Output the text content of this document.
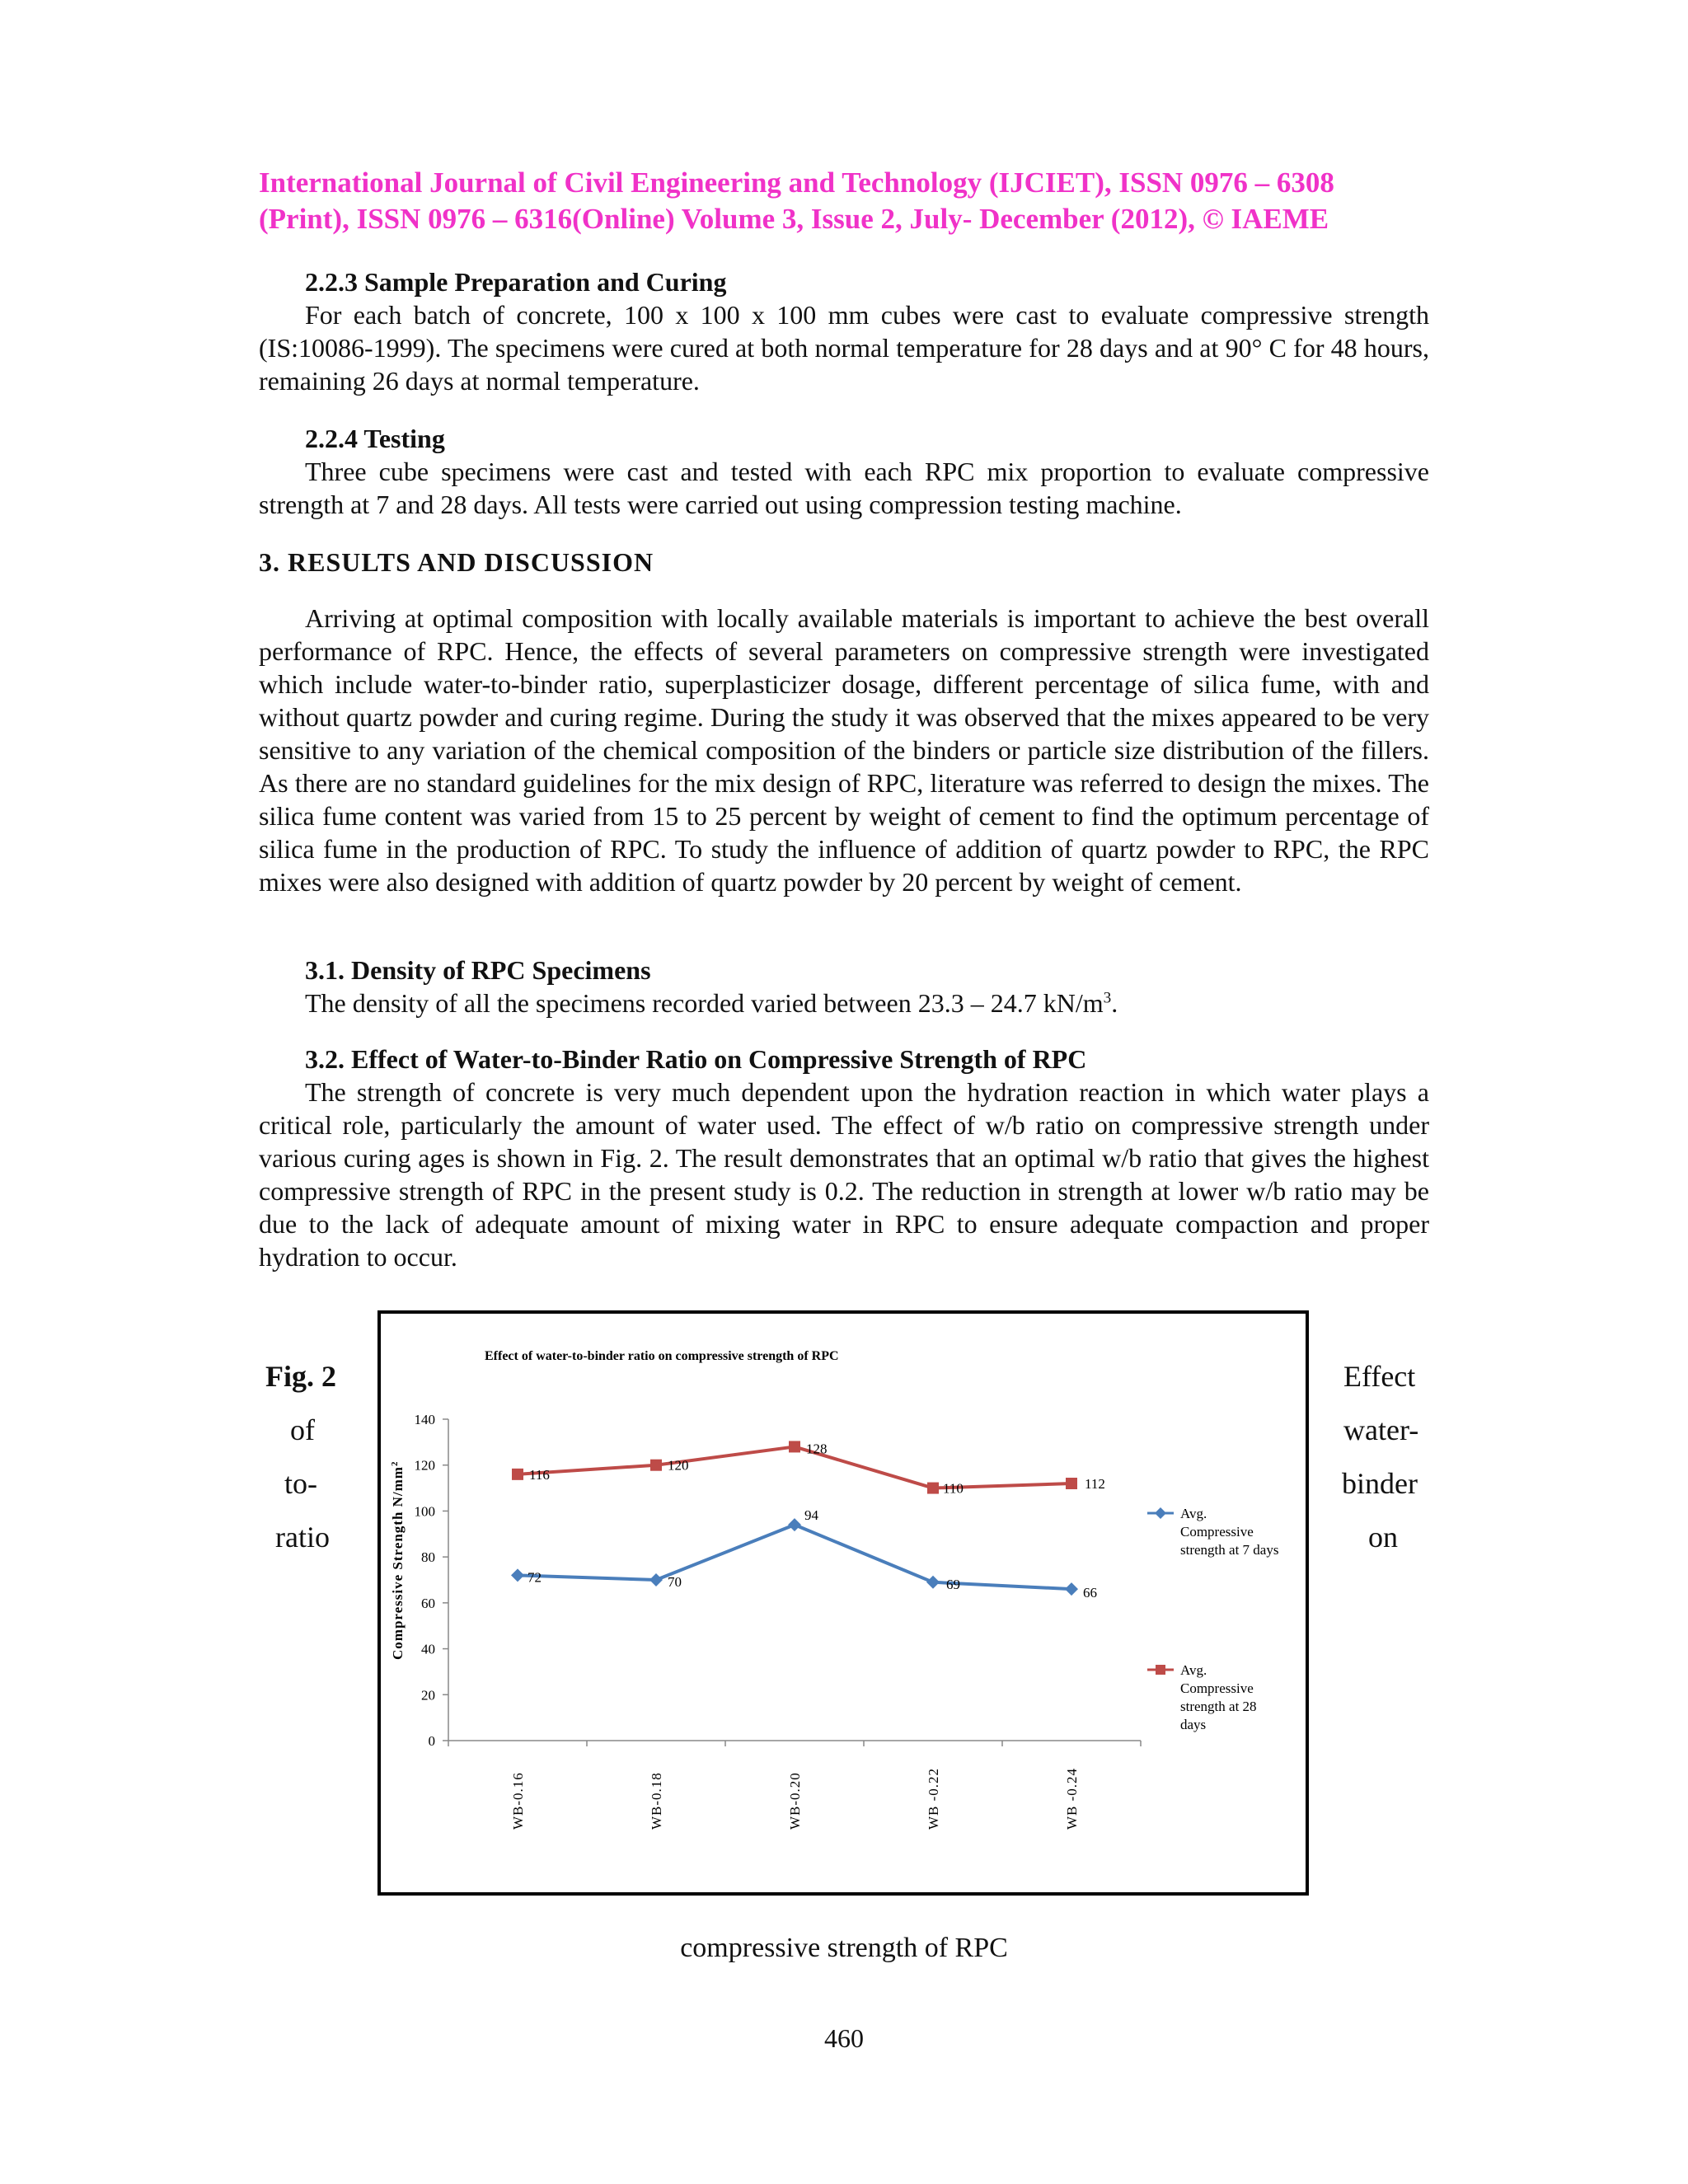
International Journal of Civil Engineering and Technology (IJCIET), ISSN 0976 – 6308
(Print), ISSN 0976 – 6316(Online) Volume 3, Issue 2, July- December (2012), © IAEME
2.2.3 Sample Preparation and Curing
For each batch of concrete, 100 x 100 x 100 mm cubes were cast to evaluate compressive strength (IS:10086-1999). The specimens were cured at both normal temperature for 28 days and at 90° C for 48 hours, remaining 26 days at normal temperature.
2.2.4 Testing
Three cube specimens were cast and tested with each RPC mix proportion to evaluate compressive strength at 7 and 28 days. All tests were carried out using compression testing machine.
3. RESULTS AND DISCUSSION
Arriving at optimal composition with locally available materials is important to achieve the best overall performance of RPC. Hence, the effects of several parameters on compressive strength were investigated which include water-to-binder ratio, superplasticizer dosage, different percentage of silica fume, with and without quartz powder and curing regime. During the study it was observed that the mixes appeared to be very sensitive to any variation of the chemical composition of the binders or particle size distribution of the fillers. As there are no standard guidelines for the mix design of RPC, literature was referred to design the mixes. The silica fume content was varied from 15 to 25 percent by weight of cement to find the optimum percentage of silica fume in the production of RPC. To study the influence of addition of quartz powder to RPC, the RPC mixes were also designed with addition of quartz powder by 20 percent by weight of cement.
3.1. Density of RPC Specimens
The density of all the specimens recorded varied between 23.3 – 24.7 $kN/m^3$.
3.2. Effect of Water-to-Binder Ratio on Compressive Strength of RPC
The strength of concrete is very much dependent upon the hydration reaction in which water plays a critical role, particularly the amount of water used. The effect of w/b ratio on compressive strength under various curing ages is shown in Fig. 2. The result demonstrates that an optimal w/b ratio that gives the highest compressive strength of RPC in the present study is 0.2. The reduction in strength at lower w/b ratio may be due to the lack of adequate amount of mixing water in RPC to ensure adequate compaction and proper hydration to occur.
Fig. 2
of
to-
ratio
Effect
water-
binder
on
Effect of water-to-binder ratio on compressive strength of RPC
Compressive Strength $N/mm^2$
0
20
40
60
80
100
120
140
WB-0.16	WB-0.18	WB-0.20	WB -0.22	WB -0.24
72	70
94
69
66
116
120
128
110	112
Avg.
Compressive
strength at 7 days
Avg.
Compressive
strength at 28
days
compressive strength of RPC
460
